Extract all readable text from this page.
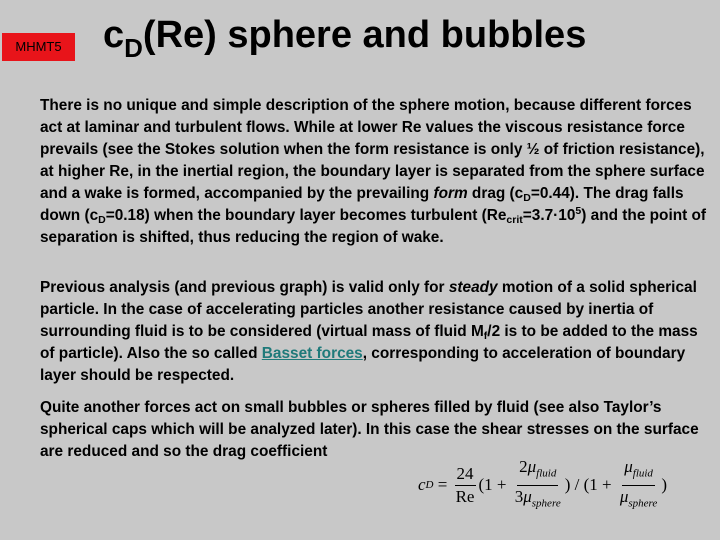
MHMT5	$c_D(Re)$ sphere and bubbles

There is no unique and simple description of the sphere motion, because different forces act at laminar and turbulent flows. While at lower Re values the viscous resistance force prevails (see the Stokes solution when the form resistance is only ½ of friction resistance), at higher Re, in the inertial region, the boundary layer is separated from the sphere surface and a wake is formed, accompanied by the prevailing form drag $(c_D=0.44)$. The drag falls down $(c_D=0.18)$ when the boundary layer becomes turbulent $(Re_{crit}=3.7\cdot 10^5)$ and the point of separation is shifted, thus reducing the region of wake.

Previous analysis (and previous graph) is valid only for steady motion of a solid spherical particle. In the case of accelerating particles another resistance caused by inertia of surrounding fluid is to be considered (virtual mass of fluid $M_f/2$ is to be added to the mass of particle). Also the so called Basset forces, corresponding to acceleration of boundary layer should be respected.

Quite another forces act on small bubbles or spheres filled by fluid (see also Taylor’s spherical caps which will be analyzed later). In this case the shear stresses on the surface are reduced and so the drag coefficient

c $D = \frac{24}{Re} (1 + \frac{2\mu_{fluid}}{3\mu_{sphere}}$ ) / ($1 + \frac{\mu_{fluid}}{\mu_{sphere}}$ )
